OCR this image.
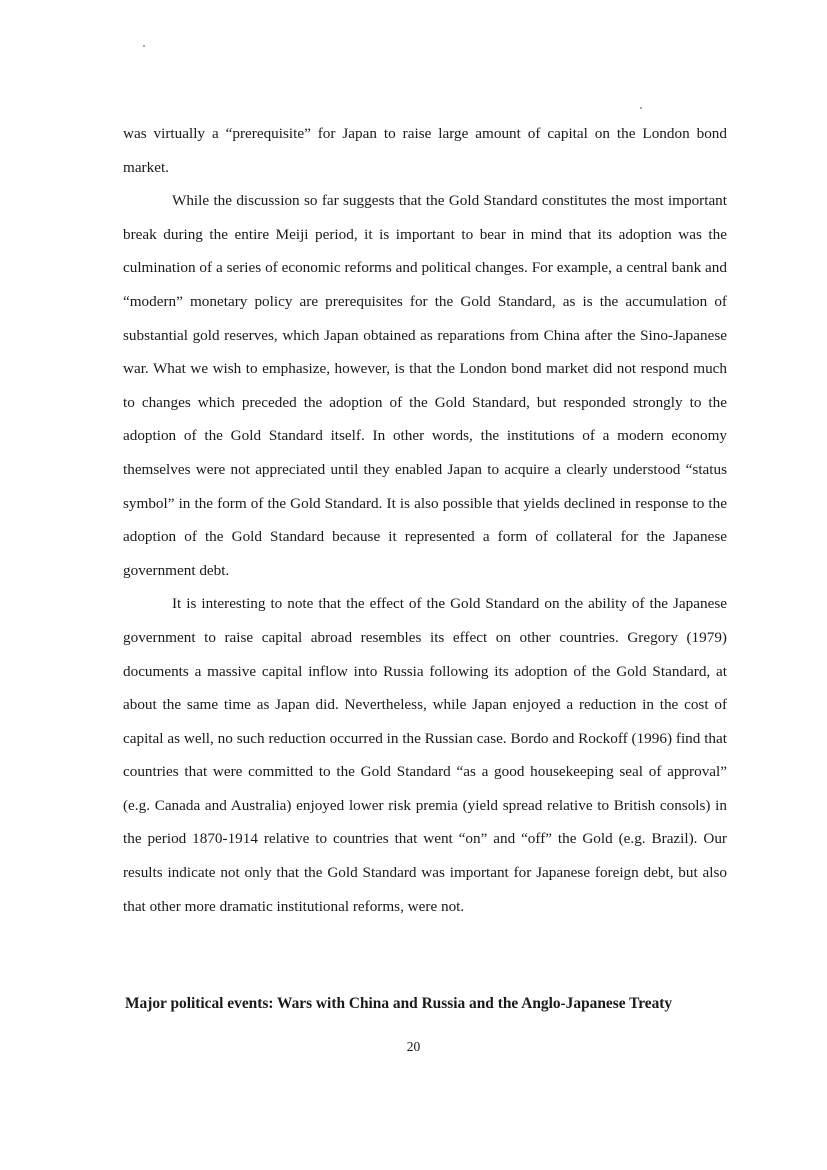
was virtually a “prerequisite” for Japan to raise large amount of capital on the London bond market.

While the discussion so far suggests that the Gold Standard constitutes the most important break during the entire Meiji period, it is important to bear in mind that its adoption was the culmination of a series of economic reforms and political changes. For example, a central bank and “modern” monetary policy are prerequisites for the Gold Standard, as is the accumulation of substantial gold reserves, which Japan obtained as reparations from China after the Sino-Japanese war. What we wish to emphasize, however, is that the London bond market did not respond much to changes which preceded the adoption of the Gold Standard, but responded strongly to the adoption of the Gold Standard itself. In other words, the institutions of a modern economy themselves were not appreciated until they enabled Japan to acquire a clearly understood “status symbol” in the form of the Gold Standard. It is also possible that yields declined in response to the adoption of the Gold Standard because it represented a form of collateral for the Japanese government debt.

It is interesting to note that the effect of the Gold Standard on the ability of the Japanese government to raise capital abroad resembles its effect on other countries. Gregory (1979) documents a massive capital inflow into Russia following its adoption of the Gold Standard, at about the same time as Japan did. Nevertheless, while Japan enjoyed a reduction in the cost of capital as well, no such reduction occurred in the Russian case. Bordo and Rockoff (1996) find that countries that were committed to the Gold Standard “as a good housekeeping seal of approval” (e.g. Canada and Australia) enjoyed lower risk premia (yield spread relative to British consols) in the period 1870-1914 relative to countries that went “on” and “off” the Gold (e.g. Brazil). Our results indicate not only that the Gold Standard was important for Japanese foreign debt, but also that other more dramatic institutional reforms, were not.

Major political events: Wars with China and Russia and the Anglo-Japanese Treaty
20
